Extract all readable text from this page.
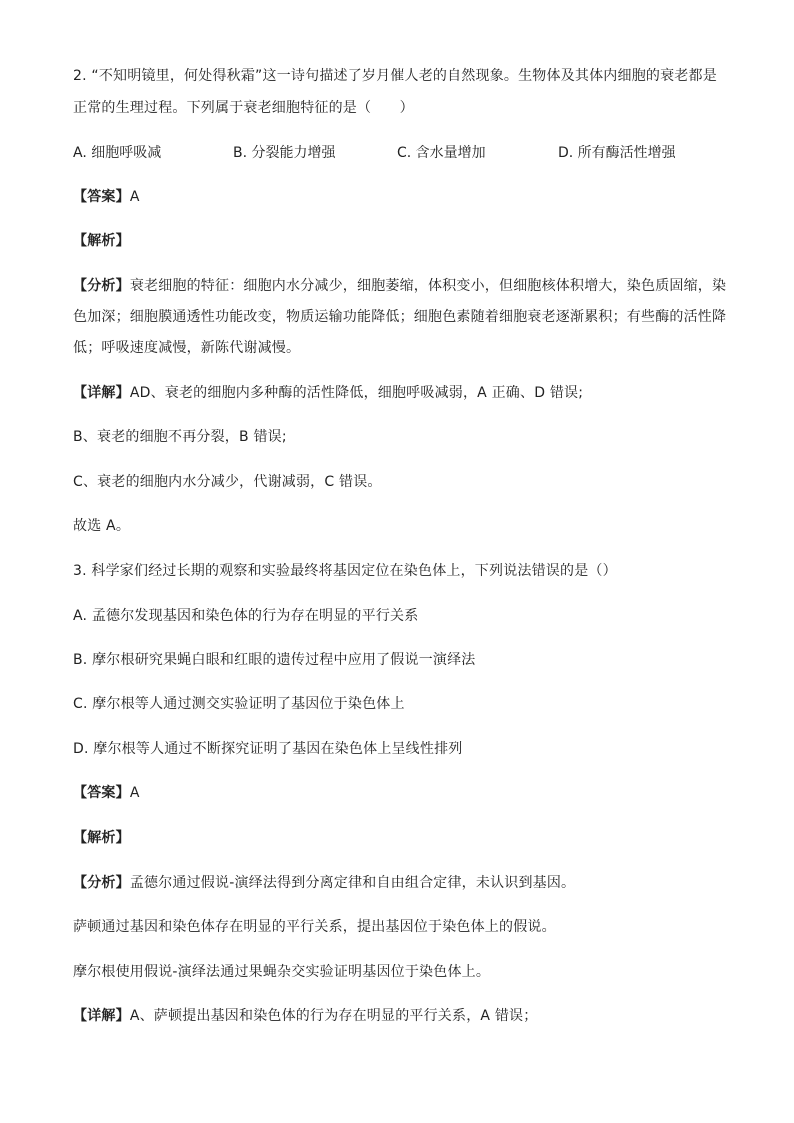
2. “不知明镜里，何处得秋霜”这一诗句描述了岁月催人老的自然现象。生物体及其体内细胞的衰老都是
正常的生理过程。下列属于衰老细胞特征的是（　　）
A. 细胞呼吸减	B. 分裂能力增强	C. 含水量增加	D. 所有酶活性增强
【答案】A
【解析】
【分析】衰老细胞的特征：细胞内水分减少，细胞萎缩，体积变小，但细胞核体积增大，染色质固缩，染
色加深；细胞膜通透性功能改变，物质运输功能降低；细胞色素随着细胞衰老逐渐累积；有些酶的活性降
低；呼吸速度减慢，新陈代谢减慢。
【详解】AD、衰老的细胞内多种酶的活性降低，细胞呼吸减弱，A 正确、D 错误;
B、衰老的细胞不再分裂，B 错误;
C、衰老的细胞内水分减少，代谢减弱，C 错误。
故选 A。
3. 科学家们经过长期的观察和实验最终将基因定位在染色体上，下列说法错误的是（）
A. 孟德尔发现基因和染色体的行为存在明显的平行关系
B. 摩尔根研究果蝇白眼和红眼的遗传过程中应用了假说一演绎法
C. 摩尔根等人通过测交实验证明了基因位于染色体上
D. 摩尔根等人通过不断探究证明了基因在染色体上呈线性排列
【答案】A
【解析】
【分析】孟德尔通过假说-演绎法得到分离定律和自由组合定律，未认识到基因。
萨顿通过基因和染色体存在明显的平行关系，提出基因位于染色体上的假说。
摩尔根使用假说-演绎法通过果蝇杂交实验证明基因位于染色体上。
【详解】A、萨顿提出基因和染色体的行为存在明显的平行关系，A 错误；
